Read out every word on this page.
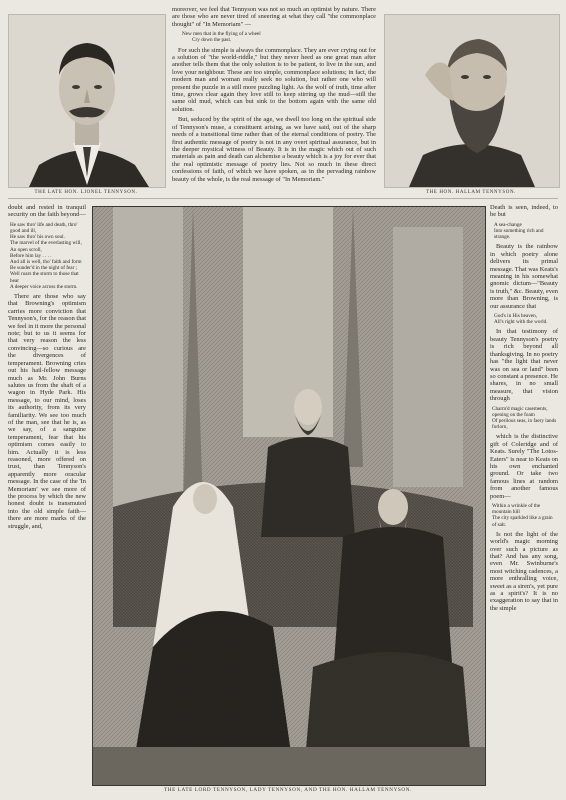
THE LATE HON. LIONEL TENNYSON.	THE HON. HALLAM TENNYSON.

moreover, we feel that Tennyson was not so much an optimist by nature. There are those who are never tired of sneering at what they call "the commonplace thought" of "In Memoriam" —

New men that in the flying of a wheel
Cry down the past.

For such the simple is always the commonplace. They are ever crying out for a solution of "the world-riddle," but they never heed as one great man after another tells them that the only solution is to be patient, to live in the sun, and love your neighbour. These are too simple, commonplace solutions; in fact, the modern man and woman really seek no solution, but rather one who will present the puzzle in a still more puzzling light. As the wolf of truth, time after time, grows clear again they love still to keep stirring up the mud—still the same old mud, which can but sink to the bottom again with the same old solution.

But, seduced by the spirit of the age, we dwell too long on the spiritual side of Tennyson's muse, a constituent arising, as we have said, out of the sharp needs of a transitional time rather than of the eternal conditions of poetry. The first authentic message of poetry is not in any overt spiritual assurance, but in the deeper mystical witness of Beauty. It is in the magic which out of such materials as pain and death can alchemise a beauty which is a joy for ever that the real optimistic message of poetry lies. Not so much in these direct confessions of faith, of which we have spoken, as in the pervading rainbow beauty of the whole, is the real message of "In Memoriam."

doubt and rested in tranquil security on the faith beyond—

He saw thro' life and death, thro' good and ill,
He saw thro' his own soul.
The marvel of the everlasting will,
An open scroll,
Before him lay . . . .
And all is well, tho' faith and form
Be sunder'd in the night of fear ;
Well roars the storm to those that hear
A deeper voice across the storm.

There are those who say that Browning's optimism carries more conviction that Tennyson's, for the reason that we feel in it more the personal note; but to us it seems for that very reason the less convincing—so curious are the divergences of temperament. Browning cries out his hail-fellow message much as Mr. John Burns salutes us from the shaft of a wagon in Hyde Park. His message, to our mind, loses its authority, from its very familiarity. We see too much of the man, see that he is, as we say, of a sanguine temperament, fear that his optimism comes easily to him. Actually it is less reasoned, more offered on trust, than Tennyson's apparently more oracular message. In the case of the 'In Memoriam' we see more of the process by which the new honest doubt is transmuted into the old simple faith—there are more marks of the struggle, and,

THE LATE LORD TENNYSON, LADY TENNYSON, AND THE HON. HALLAM TENNYSON.

Death is seen, indeed, to be but

A sea-change
Into something rich and strange.

Beauty is the rainbow in which poetry alone delivers its primal message. That was Keats's meaning in his somewhat gnomic dictum—"Beauty is truth," &c. Beauty, even more than Browning, is our assurance that

God's in His heaven,
All's right with the world.

In that testimony of beauty Tennyson's poetry is rich beyond all thanksgiving. In no poetry has "the light that never was on sea or land" been so constant a presence. He shares, in no small measure, that vision through

Charm'd magic casements, opening on the foam
Of perilous seas, in faery lands forlorn,

which is the distinctive gift of Coleridge and of Keats. Surely "The Lotos-Eaters" is near to Keats on his own enchanted ground. Or take two famous lines at random from another famous poem—

Within a wrinkle of the mountain hill
The city sparkled like a grain of salt.

Is not the light of the world's magic morning over such a picture as that? And has any song, even Mr. Swinburne's most witching cadences, a more enthralling voice, sweet as a siren's, yet pure as a spirit's? It is no exaggeration to say that in the simple
